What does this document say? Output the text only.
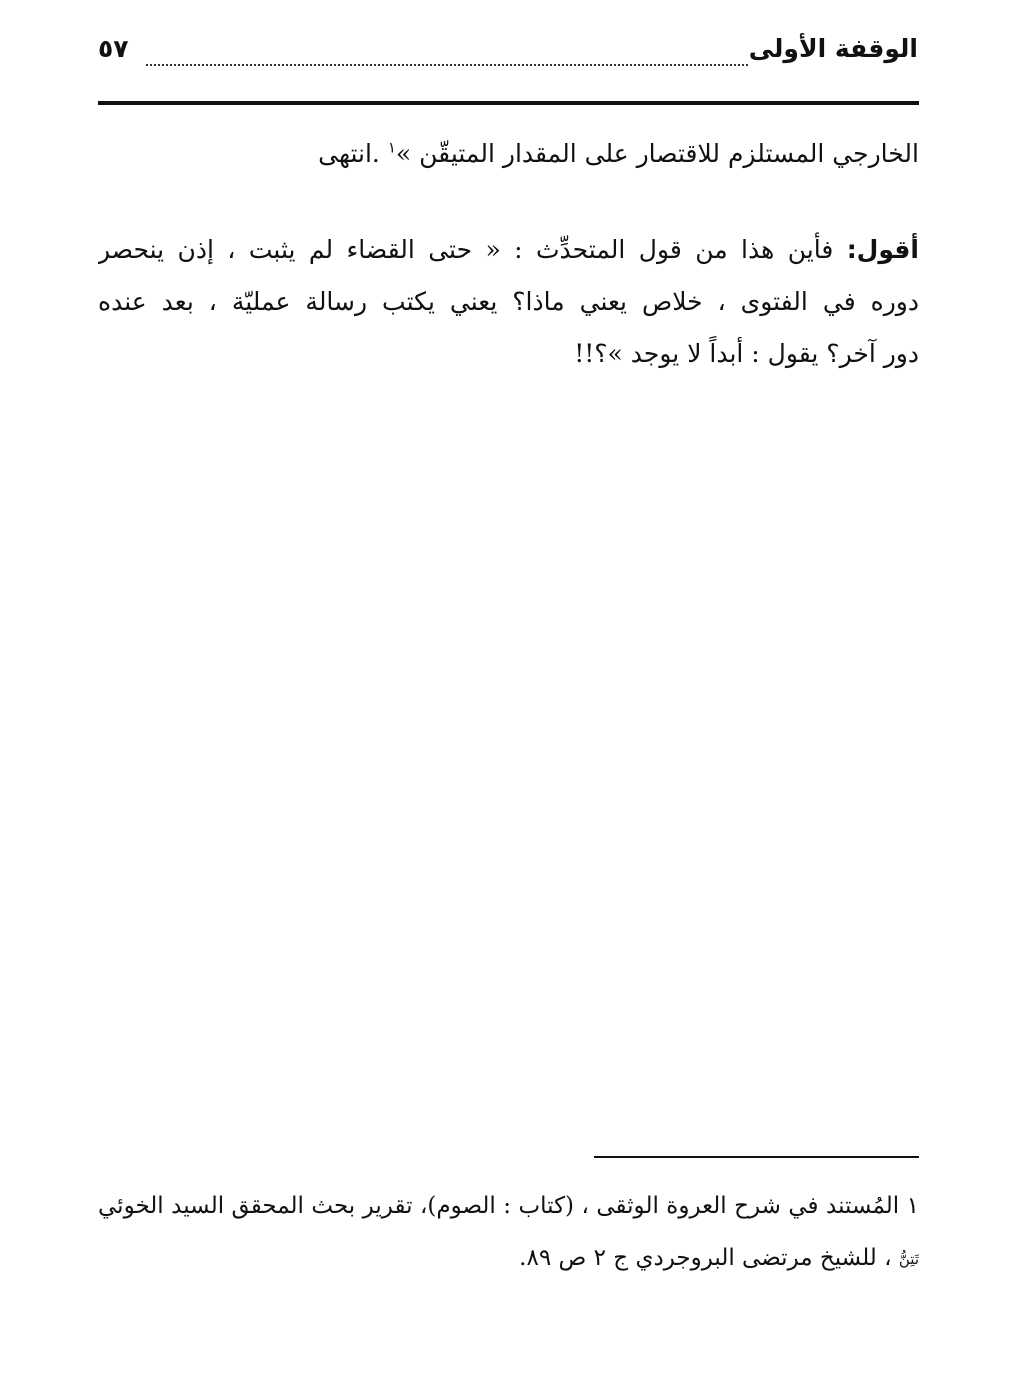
الوقفة الأولى
٥٧
الخارجي المستلزم للاقتصار على المقدار المتيقّن »$^١$ .انتهى
أقول: فأين هذا من قول المتحدِّث : « حتى القضاء لم يثبت ، إذن ينحصر
دوره في الفتوى ، خلاص يعني ماذا؟ يعني يكتب رسالة عمليّة ، بعد عنده
دور آخر؟ يقول : أبداً لا يوجد »؟!!
١ المُستند في شرح العروة الوثقى ، (كتاب : الصوم)، تقرير بحث المحقق السيد الخوئي
تَتِنُّ ، للشيخ مرتضى البروجردي ج ٢ ص ٨٩.
